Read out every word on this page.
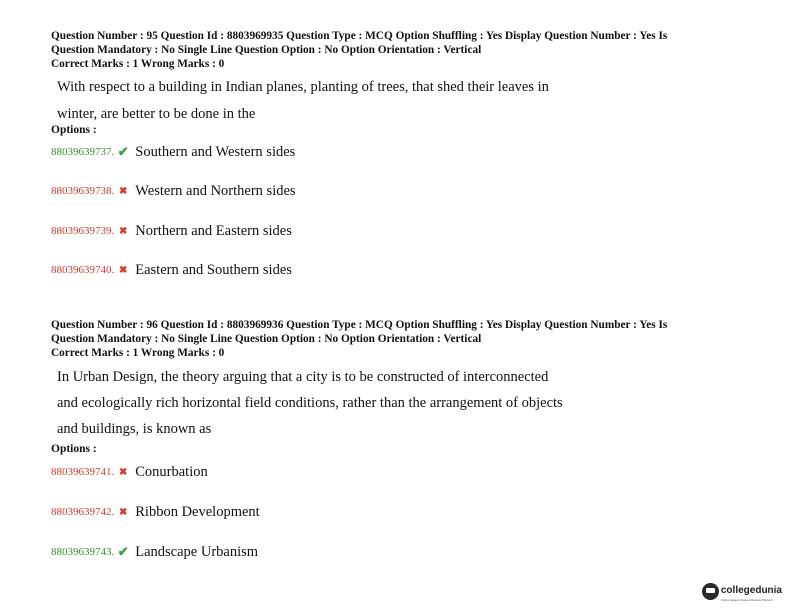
Question Number : 95 Question Id : 8803969935 Question Type : MCQ Option Shuffling : Yes Display Question Number : Yes Is
Question Mandatory : No Single Line Question Option : No Option Orientation : Vertical
Correct Marks : 1 Wrong Marks : 0
With respect to a building in Indian planes, planting of trees, that shed their leaves in
winter, are better to be done in the
Options :
88039639737. ✔ Southern and Western sides
88039639738. ✖ Western and Northern sides
88039639739. ✖ Northern and Eastern sides
88039639740. ✖ Eastern and Southern sides
Question Number : 96 Question Id : 8803969936 Question Type : MCQ Option Shuffling : Yes Display Question Number : Yes Is
Question Mandatory : No Single Line Question Option : No Option Orientation : Vertical
Correct Marks : 1 Wrong Marks : 0
In Urban Design, the theory arguing that a city is to be constructed of interconnected
and ecologically rich horizontal field conditions, rather than the arrangement of objects
and buildings, is known as
Options :
88039639741. ✖ Conurbation
88039639742. ✖ Ribbon Development
88039639743. ✔ Landscape Urbanism
collegedunia
India's largest Student Review Platform
